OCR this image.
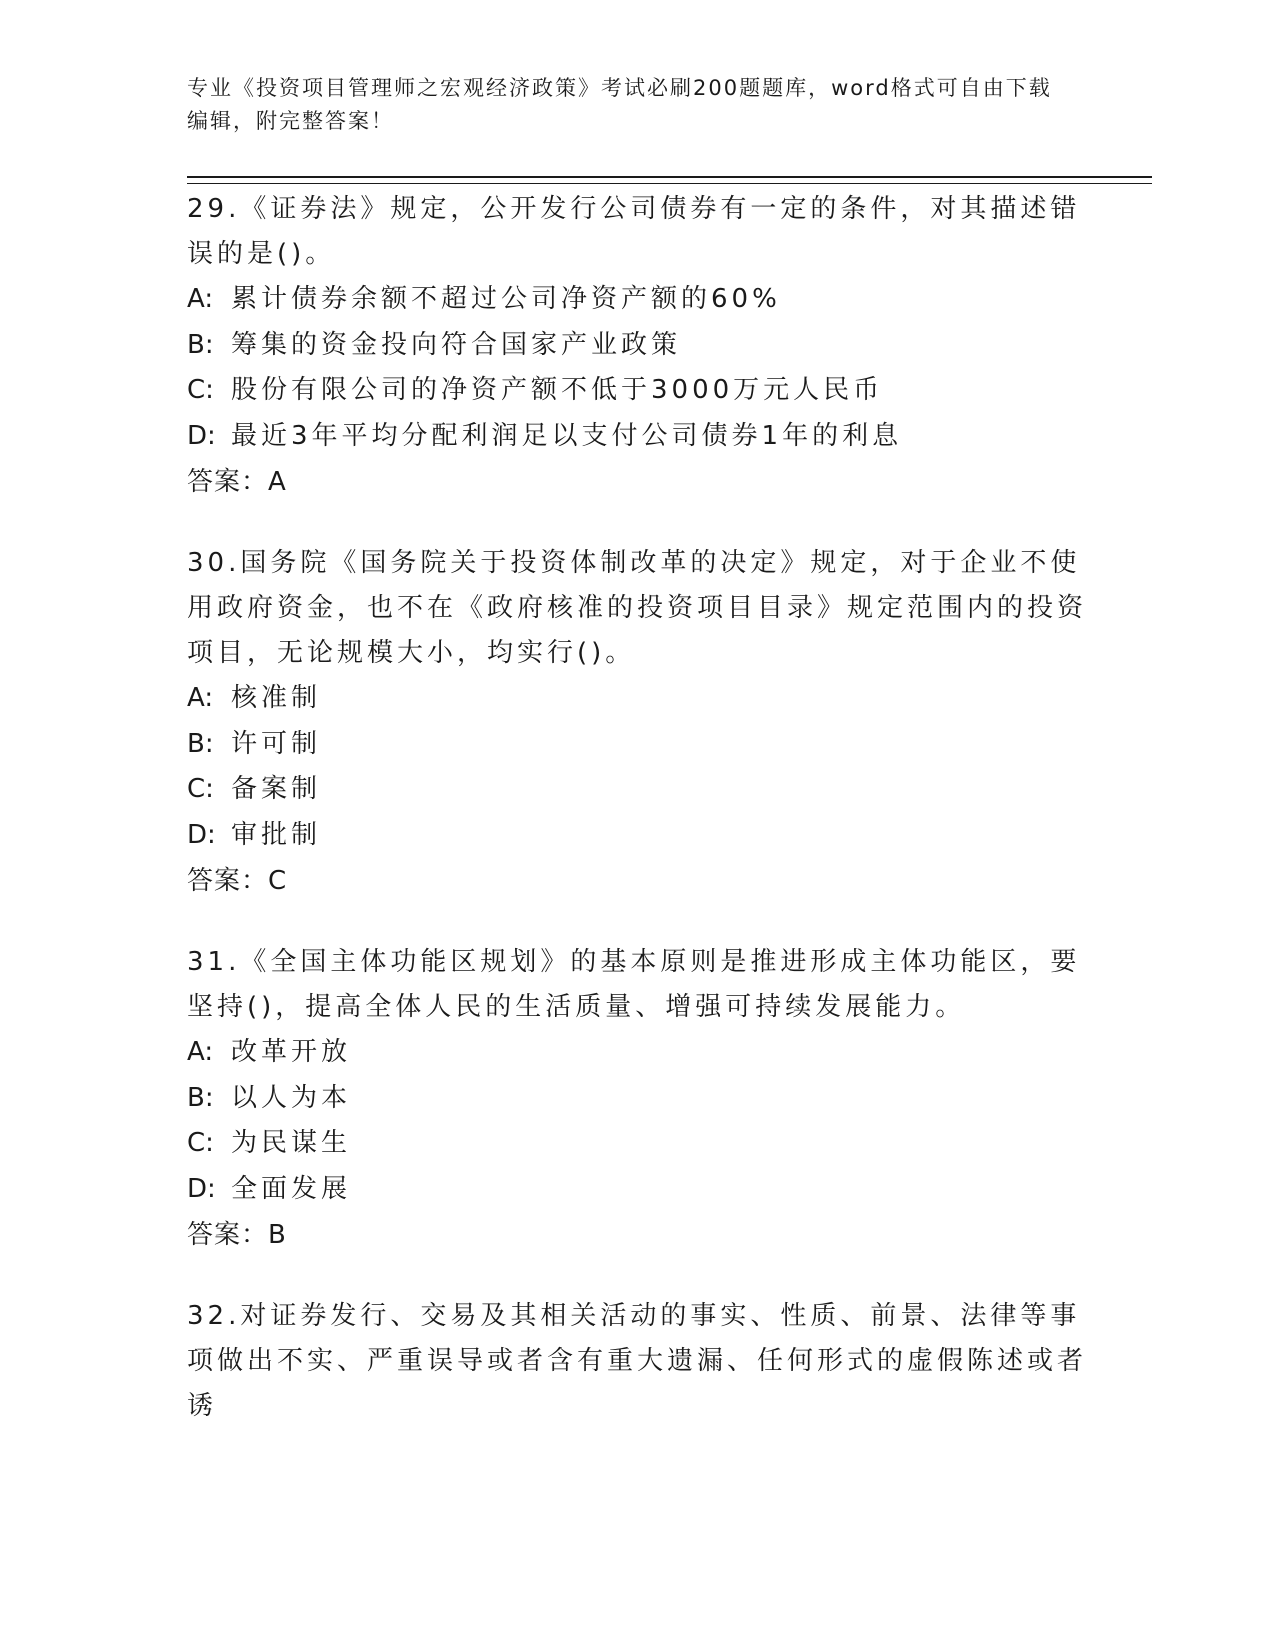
专业《投资项目管理师之宏观经济政策》考试必刷200题题库，word格式可自由下载编辑，附完整答案！

29.《证券法》规定，公开发行公司债券有一定的条件，对其描述错误的是()。

A: 累计债券余额不超过公司净资产额的60%

B: 筹集的资金投向符合国家产业政策

C: 股份有限公司的净资产额不低于3000万元人民币

D: 最近3年平均分配利润足以支付公司债券1年的利息

答案：A

30.国务院《国务院关于投资体制改革的决定》规定，对于企业不使用政府资金，也不在《政府核准的投资项目目录》规定范围内的投资项目，无论规模大小，均实行()。

A: 核准制

B: 许可制

C: 备案制

D: 审批制

答案：C

31.《全国主体功能区规划》的基本原则是推进形成主体功能区，要坚持()，提高全体人民的生活质量、增强可持续发展能力。

A: 改革开放

B: 以人为本

C: 为民谋生

D: 全面发展

答案：B

32.对证券发行、交易及其相关活动的事实、性质、前景、法律等事项做出不实、严重误导或者含有重大遗漏、任何形式的虚假陈述或者诱
